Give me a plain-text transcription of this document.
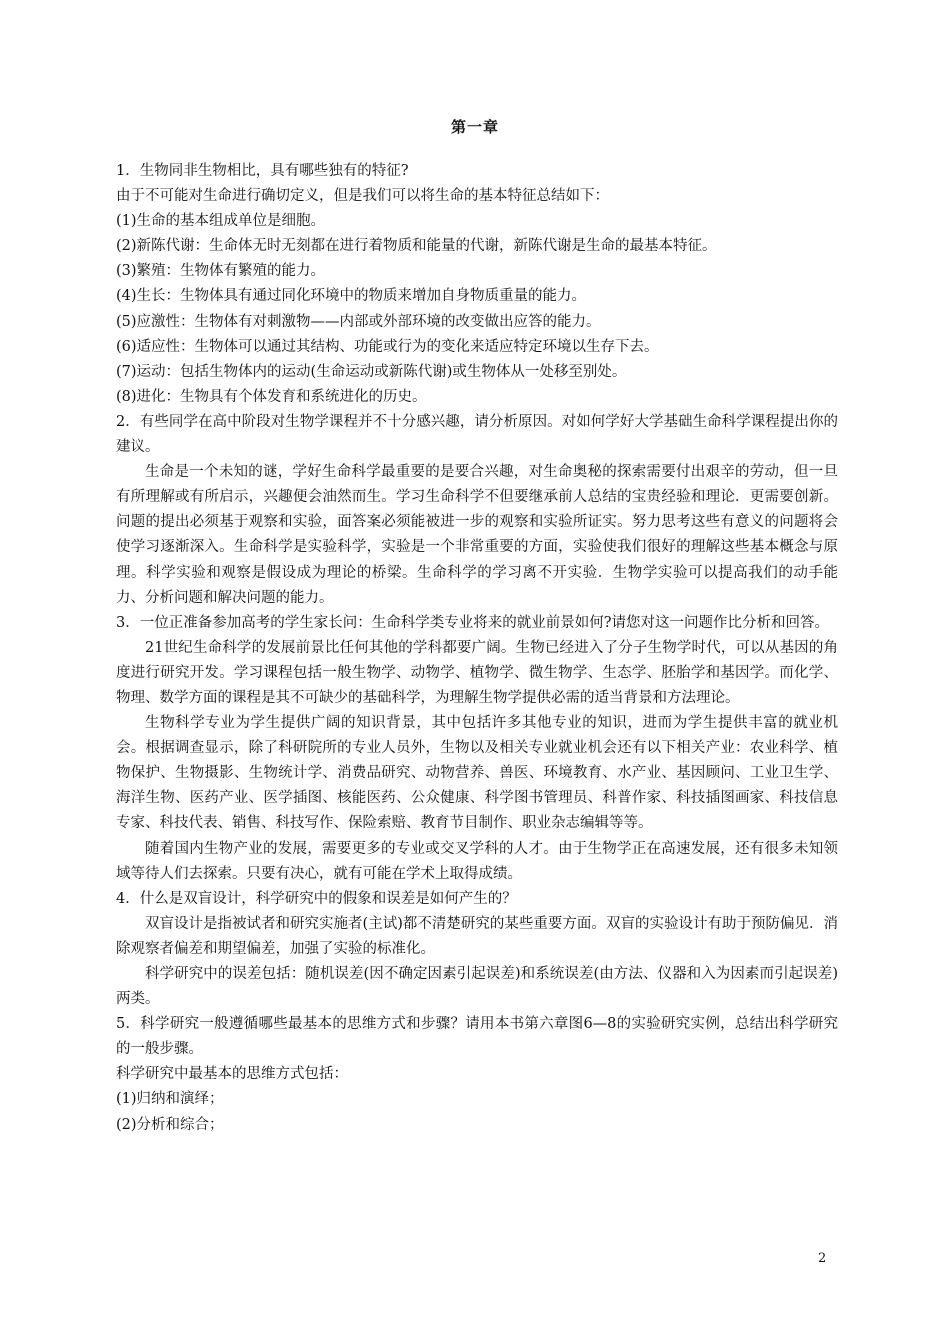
第一章

1．生物同非生物相比，具有哪些独有的特征?

由于不可能对生命进行确切定义，但是我们可以将生命的基本特征总结如下：

(1)生命的基本组成单位是细胞。

(2)新陈代谢：生命体无时无刻都在进行着物质和能量的代谢，新陈代谢是生命的最基本特征。

(3)繁殖：生物体有繁殖的能力。

(4)生长：生物体具有通过同化环境中的物质来增加自身物质重量的能力。

(5)应激性：生物体有对刺激物——内部或外部环境的改变做出应答的能力。

(6)适应性：生物体可以通过其结构、功能或行为的变化来适应特定环境以生存下去。

(7)运动：包括生物体内的运动(生命运动或新陈代谢)或生物体从一处移至别处。

(8)进化：生物具有个体发育和系统进化的历史。

2．有些同学在高中阶段对生物学课程并不十分感兴趣，请分析原因。对如何学好大学基础生命科学课程提出你的建议。

生命是一个未知的谜，学好生命科学最重要的是要合兴趣，对生命奥秘的探索需要付出艰辛的劳动，但一旦有所理解或有所启示，兴趣便会油然而生。学习生命科学不但要继承前人总结的宝贵经验和理论．更需要创新。问题的提出必须基于观察和实验，面答案必须能被进一步的观察和实验所证实。努力思考这些有意义的问题将会使学习逐渐深入。生命科学是实验科学，实验是一个非常重要的方面，实验使我们很好的理解这些基本概念与原理。科学实验和观察是假设成为理论的桥梁。生命科学的学习离不开实验．生物学实验可以提高我们的动手能力、分析问题和解决问题的能力。

3．一位正准备参加高考的学生家长问：生命科学类专业将来的就业前景如何?请您对这一问题作比分析和回答。

21世纪生命科学的发展前景比任何其他的学科都要广阔。生物已经进入了分子生物学时代，可以从基因的角度进行研究开发。学习课程包括一般生物学、动物学、植物学、微生物学、生态学、胚胎学和基因学。而化学、物理、数学方面的课程是其不可缺少的基础科学，为理解生物学提供必需的适当背景和方法理论。

生物科学专业为学生提供广阔的知识背景，其中包括许多其他专业的知识，进而为学生提供丰富的就业机会。根据调查显示，除了科研院所的专业人员外，生物以及相关专业就业机会还有以下相关产业：农业科学、植物保护、生物摄影、生物统计学、消费品研究、动物营养、兽医、环境教育、水产业、基因顾问、工业卫生学、海洋生物、医药产业、医学插图、核能医药、公众健康、科学图书管理员、科普作家、科技插图画家、科技信息专家、科技代表、销售、科技写作、保险索赔、教育节目制作、职业杂志编辑等等。

随着国内生物产业的发展，需要更多的专业或交叉学科的人才。由于生物学正在高速发展，还有很多未知领域等待人们去探索。只要有决心，就有可能在学术上取得成绩。

4．什么是双盲设计，科学研究中的假象和误差是如何产生的？

双盲设计是指被试者和研究实施者(主试)都不清楚研究的某些重要方面。双盲的实验设计有助于预防偏见．消除观察者偏差和期望偏差，加强了实验的标准化。

科学研究中的误差包括：随机误差(因不确定因素引起误差)和系统误差(由方法、仪器和入为因素而引起误差)两类。

5．科学研究一般遵循哪些最基本的思维方式和步骤？请用本书第六章图6—8的实验研究实例，总结出科学研究的一般步骤。

科学研究中最基本的思维方式包括：

(1)归纳和演绎；

(2)分析和综合；

2
